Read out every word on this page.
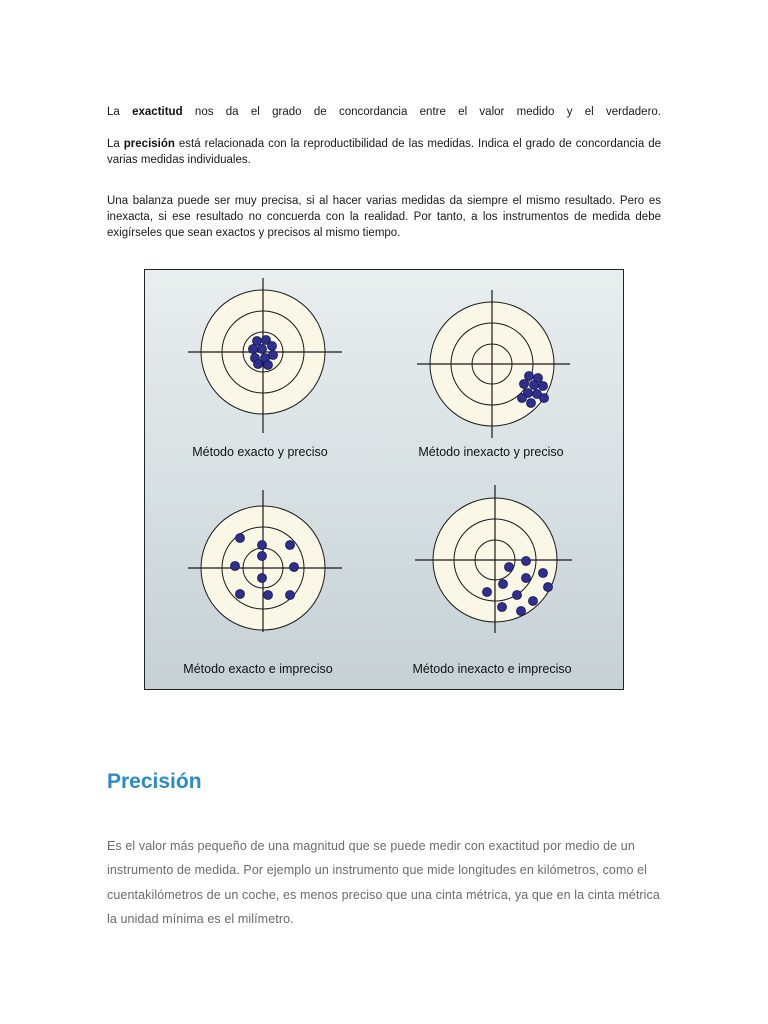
La exactitud nos da el grado de concordancia entre el valor medido y el verdadero.

La precisión está relacionada con la reproductibilidad de las medidas. Indica el grado de concordancia de varias medidas individuales.

Una balanza puede ser muy precisa, si al hacer varias medidas da siempre el mismo resultado. Pero es inexacta, si ese resultado no concuerda con la realidad. Por tanto, a los instrumentos de medida debe exigírseles que sean exactos y precisos al mismo tiempo.

Método exacto y preciso	Método inexacto y preciso
Método exacto e impreciso	Método inexacto e impreciso
Precisión

Es el valor más pequeño de una magnitud que se puede medir con exactitud por medio de un instrumento de medida. Por ejemplo un instrumento que mide longitudes en kilómetros, como el cuentakilómetros de un coche, es menos preciso que una cinta métrica, ya que en la cinta métrica la unidad mínima es el milímetro.
